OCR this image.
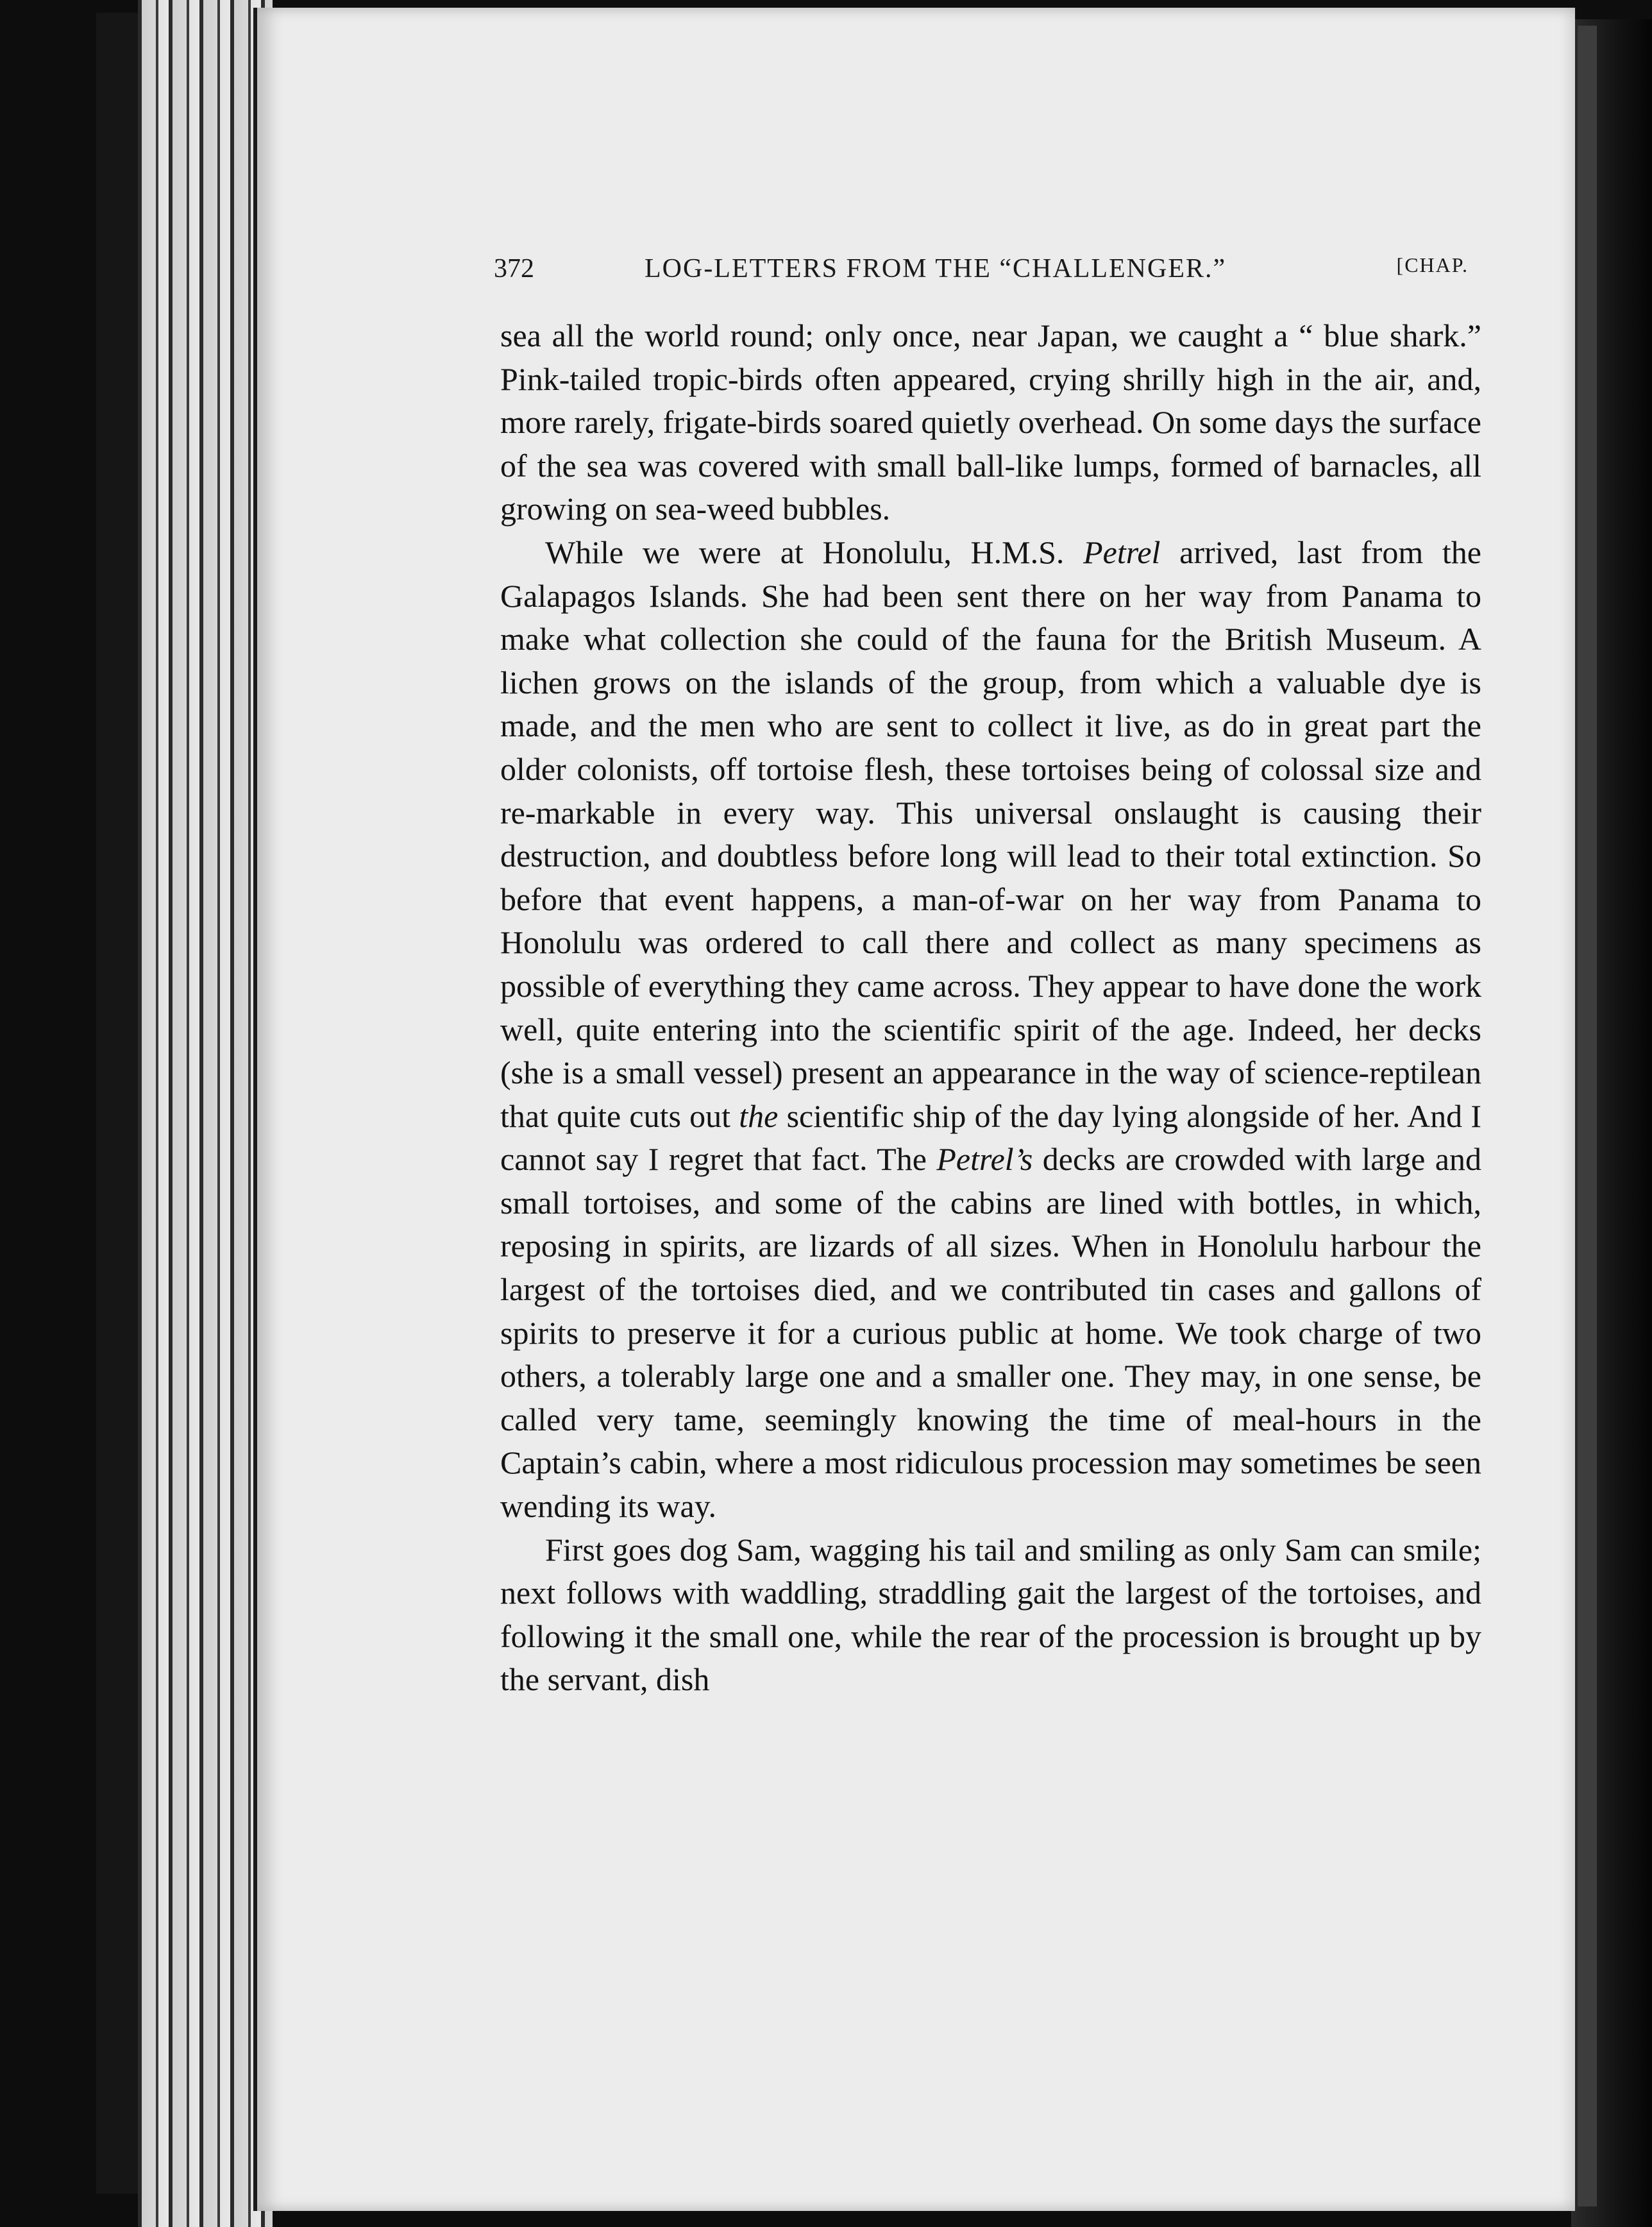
372	LOG-LETTERS FROM THE “CHALLENGER.”	[CHAP.

sea all the world round; only once, near Japan, we caught a “ blue shark.” Pink-tailed tropic-birds often appeared, crying shrilly high in the air, and, more rarely, frigate-birds soared quietly overhead. On some days the surface of the sea was covered with small ball-like lumps, formed of barnacles, all growing on sea-weed bubbles.

While we were at Honolulu, H.M.S. Petrel arrived, last from the Galapagos Islands. She had been sent there on her way from Panama to make what collection she could of the fauna for the British Museum. A lichen grows on the islands of the group, from which a valuable dye is made, and the men who are sent to collect it live, as do in great part the older colonists, off tortoise flesh, these tortoises being of colossal size and re-markable in every way. This universal onslaught is causing their destruction, and doubtless before long will lead to their total extinction. So before that event happens, a man-of-war on her way from Panama to Honolulu was ordered to call there and collect as many specimens as possible of everything they came across. They appear to have done the work well, quite entering into the scientific spirit of the age. Indeed, her decks (she is a small vessel) present an appearance in the way of science-reptilean that quite cuts out the scientific ship of the day lying alongside of her. And I cannot say I regret that fact. The Petrel’s decks are crowded with large and small tortoises, and some of the cabins are lined with bottles, in which, reposing in spirits, are lizards of all sizes. When in Honolulu harbour the largest of the tortoises died, and we contributed tin cases and gallons of spirits to preserve it for a curious public at home. We took charge of two others, a tolerably large one and a smaller one. They may, in one sense, be called very tame, seemingly knowing the time of meal-hours in the Captain’s cabin, where a most ridiculous procession may sometimes be seen wending its way.

First goes dog Sam, wagging his tail and smiling as only Sam can smile; next follows with waddling, straddling gait the largest of the tortoises, and following it the small one, while the rear of the procession is brought up by the servant, dish
